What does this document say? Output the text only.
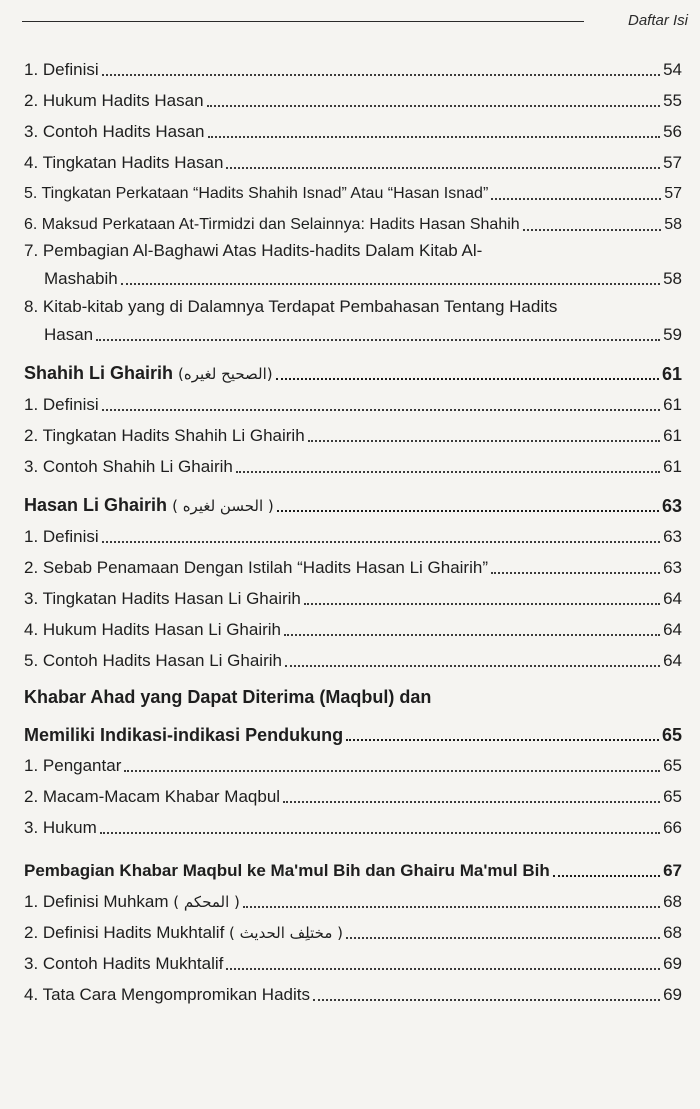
Daftar Isi
1. Definisi	54
2. Hukum Hadits Hasan	55
3. Contoh Hadits Hasan	56
4. Tingkatan Hadits Hasan	57
5. Tingkatan Perkataan “Hadits Shahih Isnad” Atau “Hasan Isnad”	57
6. Maksud Perkataan At-Tirmidzi dan Selainnya: Hadits Hasan Shahih	58
7. Pembagian Al-Baghawi Atas Hadits-hadits Dalam Kitab Al-
Mashabih	58
8. Kitab-kitab yang di Dalamnya Terdapat Pembahasan Tentang Hadits
Hasan	59
Shahih Li Ghairih (الصحيح لغيره)	61
1. Definisi	61
2. Tingkatan Hadits Shahih Li Ghairih	61
3. Contoh Shahih Li Ghairih	61
Hasan Li Ghairih ( الحسن لغيره )	63
1. Definisi	63
2. Sebab Penamaan Dengan Istilah “Hadits Hasan Li Ghairih”	63
3. Tingkatan Hadits Hasan Li Ghairih	64
4. Hukum Hadits Hasan Li Ghairih	64
5. Contoh Hadits Hasan Li Ghairih	64
Khabar Ahad yang Dapat Diterima (Maqbul) dan
Memiliki Indikasi-indikasi Pendukung	65
1. Pengantar	65
2. Macam-Macam Khabar Maqbul	65
3. Hukum	66
Pembagian Khabar Maqbul ke Ma'mul Bih dan Ghairu Ma'mul Bih	67
1. Definisi Muhkam ( المحكم )	68
2. Definisi Hadits Mukhtalif ( مختلِف الحديث )	68
3. Contoh Hadits Mukhtalif	69
4. Tata Cara Mengompromikan Hadits	69
